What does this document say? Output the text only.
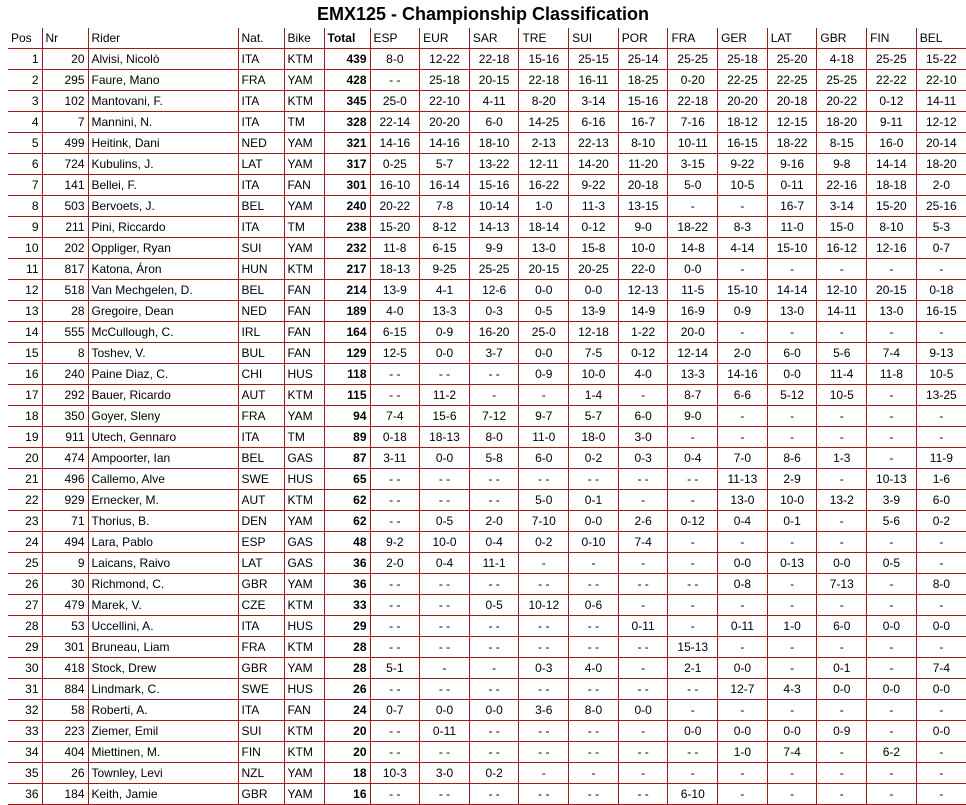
EMX125 - Championship Classification
Pos	Nr	Rider	Nat.	Bike	Total	ESP	EUR	SAR	TRE	SUI	POR	FRA	GER	LAT	GBR	FIN	BEL
1	20	Alvisi, Nicolò	ITA	KTM	439	8-0	12-22	22-18	15-16	25-15	25-14	25-25	25-18	25-20	4-18	25-25	15-22
2	295	Faure, Mano	FRA	YAM	428	- -	25-18	20-15	22-18	16-11	18-25	0-20	22-25	22-25	25-25	22-22	22-10
3	102	Mantovani, F.	ITA	KTM	345	25-0	22-10	4-11	8-20	3-14	15-16	22-18	20-20	20-18	20-22	0-12	14-11
4	7	Mannini, N.	ITA	TM	328	22-14	20-20	6-0	14-25	6-16	16-7	7-16	18-12	12-15	18-20	9-11	12-12
5	499	Heitink, Dani	NED	YAM	321	14-16	14-16	18-10	2-13	22-13	8-10	10-11	16-15	18-22	8-15	16-0	20-14
6	724	Kubulins, J.	LAT	YAM	317	0-25	5-7	13-22	12-11	14-20	11-20	3-15	9-22	9-16	9-8	14-14	18-20
7	141	Bellei, F.	ITA	FAN	301	16-10	16-14	15-16	16-22	9-22	20-18	5-0	10-5	0-11	22-16	18-18	2-0
8	503	Bervoets, J.	BEL	YAM	240	20-22	7-8	10-14	1-0	11-3	13-15	-	-	16-7	3-14	15-20	25-16
9	211	Pini, Riccardo	ITA	TM	238	15-20	8-12	14-13	18-14	0-12	9-0	18-22	8-3	11-0	15-0	8-10	5-3
10	202	Oppliger, Ryan	SUI	YAM	232	11-8	6-15	9-9	13-0	15-8	10-0	14-8	4-14	15-10	16-12	12-16	0-7
11	817	Katona, Áron	HUN	KTM	217	18-13	9-25	25-25	20-15	20-25	22-0	0-0	-	-	-	-	-
12	518	Van Mechgelen, D.	BEL	FAN	214	13-9	4-1	12-6	0-0	0-0	12-13	11-5	15-10	14-14	12-10	20-15	0-18
13	28	Gregoire, Dean	NED	FAN	189	4-0	13-3	0-3	0-5	13-9	14-9	16-9	0-9	13-0	14-11	13-0	16-15
14	555	McCullough, C.	IRL	FAN	164	6-15	0-9	16-20	25-0	12-18	1-22	20-0	-	-	-	-	-
15	8	Toshev, V.	BUL	FAN	129	12-5	0-0	3-7	0-0	7-5	0-12	12-14	2-0	6-0	5-6	7-4	9-13
16	240	Paine Diaz, C.	CHI	HUS	118	- -	- -	- -	0-9	10-0	4-0	13-3	14-16	0-0	11-4	11-8	10-5
17	292	Bauer, Ricardo	AUT	KTM	115	- -	11-2	-	-	1-4	-	8-7	6-6	5-12	10-5	-	13-25
18	350	Goyer, Sleny	FRA	YAM	94	7-4	15-6	7-12	9-7	5-7	6-0	9-0	-	-	-	-	-
19	911	Utech, Gennaro	ITA	TM	89	0-18	18-13	8-0	11-0	18-0	3-0	-	-	-	-	-	-
20	474	Ampoorter, Ian	BEL	GAS	87	3-11	0-0	5-8	6-0	0-2	0-3	0-4	7-0	8-6	1-3	-	11-9
21	496	Callemo, Alve	SWE	HUS	65	- -	- -	- -	- -	- -	- -	- -	11-13	2-9	-	10-13	1-6
22	929	Ernecker, M.	AUT	KTM	62	- -	- -	- -	5-0	0-1	-	-	13-0	10-0	13-2	3-9	6-0
23	71	Thorius, B.	DEN	YAM	62	- -	0-5	2-0	7-10	0-0	2-6	0-12	0-4	0-1	-	5-6	0-2
24	494	Lara, Pablo	ESP	GAS	48	9-2	10-0	0-4	0-2	0-10	7-4	-	-	-	-	-	-
25	9	Laicans, Raivo	LAT	GAS	36	2-0	0-4	11-1	-	-	-	-	0-0	0-13	0-0	0-5	-
26	30	Richmond, C.	GBR	YAM	36	- -	- -	- -	- -	- -	- -	- -	0-8	-	7-13	-	8-0
27	479	Marek, V.	CZE	KTM	33	- -	- -	0-5	10-12	0-6	-	-	-	-	-	-	-
28	53	Uccellini, A.	ITA	HUS	29	- -	- -	- -	- -	- -	0-11	-	0-11	1-0	6-0	0-0	0-0
29	301	Bruneau, Liam	FRA	KTM	28	- -	- -	- -	- -	- -	- -	15-13	-	-	-	-	-
30	418	Stock, Drew	GBR	YAM	28	5-1	-	-	0-3	4-0	-	2-1	0-0	-	0-1	-	7-4
31	884	Lindmark, C.	SWE	HUS	26	- -	- -	- -	- -	- -	- -	- -	12-7	4-3	0-0	0-0	0-0
32	58	Roberti, A.	ITA	FAN	24	0-7	0-0	0-0	3-6	8-0	0-0	-	-	-	-	-	-
33	223	Ziemer, Emil	SUI	KTM	20	- -	0-11	- -	- -	- -	-	0-0	0-0	0-0	0-9	-	0-0
34	404	Miettinen, M.	FIN	KTM	20	- -	- -	- -	- -	- -	- -	- -	1-0	7-4	-	6-2	-
35	26	Townley, Levi	NZL	YAM	18	10-3	3-0	0-2	-	-	-	-	-	-	-	-	-
36	184	Keith, Jamie	GBR	YAM	16	- -	- -	- -	- -	- -	- -	6-10	-	-	-	-	-
